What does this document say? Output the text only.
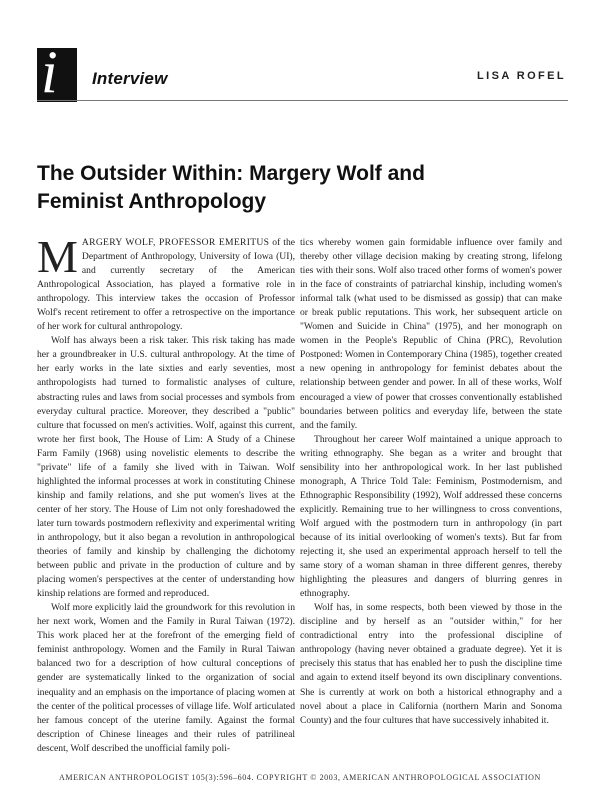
i Interview	LISA ROFEL
The Outsider Within: Margery Wolf and
Feminist Anthropology

MARGERY WOLF, PROFESSOR EMERITUS of the Department of Anthropology, University of Iowa (UI), and currently secretary of the American Anthropological Association, has played a formative role in anthropology. This interview takes the occasion of Professor Wolf's recent retirement to offer a retrospective on the importance of her work for cultural anthropology.

Wolf has always been a risk taker. This risk taking has made her a groundbreaker in U.S. cultural anthropology. At the time of her early works in the late sixties and early seventies, most anthropologists had turned to formalistic analyses of culture, abstracting rules and laws from social processes and symbols from everyday cultural practice. Moreover, they described a "public" culture that focussed on men's activities. Wolf, against this current, wrote her first book, The House of Lim: A Study of a Chinese Farm Family (1968) using novelistic elements to describe the "private" life of a family she lived with in Taiwan. Wolf highlighted the informal processes at work in constituting Chinese kinship and family relations, and she put women's lives at the center of her story. The House of Lim not only foreshadowed the later turn towards postmodern reflexivity and experimental writing in anthropology, but it also began a revolution in anthropological theories of family and kinship by challenging the dichotomy between public and private in the production of culture and by placing women's perspectives at the center of understanding how kinship relations are formed and reproduced.

Wolf more explicitly laid the groundwork for this revolution in her next work, Women and the Family in Rural Taiwan (1972). This work placed her at the forefront of the emerging field of feminist anthropology. Women and the Family in Rural Taiwan balanced two for a description of how cultural conceptions of gender are systematically linked to the organization of social inequality and an emphasis on the importance of placing women at the center of the political processes of village life. Wolf articulated her famous concept of the uterine family. Against the formal description of Chinese lineages and their rules of patrilineal descent, Wolf described the unofficial family poli-

tics whereby women gain formidable influence over family and thereby other village decision making by creating strong, lifelong ties with their sons. Wolf also traced other forms of women's power in the face of constraints of patriarchal kinship, including women's informal talk (what used to be dismissed as gossip) that can make or break public reputations. This work, her subsequent article on "Women and Suicide in China" (1975), and her monograph on women in the People's Republic of China (PRC), Revolution Postponed: Women in Contemporary China (1985), together created a new opening in anthropology for feminist debates about the relationship between gender and power. In all of these works, Wolf encouraged a view of power that crosses conventionally established boundaries between politics and everyday life, between the state and the family.

Throughout her career Wolf maintained a unique approach to writing ethnography. She began as a writer and brought that sensibility into her anthropological work. In her last published monograph, A Thrice Told Tale: Feminism, Postmodernism, and Ethnographic Responsibility (1992), Wolf addressed these concerns explicitly. Remaining true to her willingness to cross conventions, Wolf argued with the postmodern turn in anthropology (in part because of its initial overlooking of women's texts). But far from rejecting it, she used an experimental approach herself to tell the same story of a woman shaman in three different genres, thereby highlighting the pleasures and dangers of blurring genres in ethnography.

Wolf has, in some respects, both been viewed by those in the discipline and by herself as an "outsider within," for her contradictional entry into the professional discipline of anthropology (having never obtained a graduate degree). Yet it is precisely this status that has enabled her to push the discipline time and again to extend itself beyond its own disciplinary conventions. She is currently at work on both a historical ethnography and a novel about a place in California (northern Marin and Sonoma County) and the four cultures that have successively inhabited it.

AMERICAN ANTHROPOLOGIST 105(3):596–604. COPYRIGHT © 2003, AMERICAN ANTHROPOLOGICAL ASSOCIATION
